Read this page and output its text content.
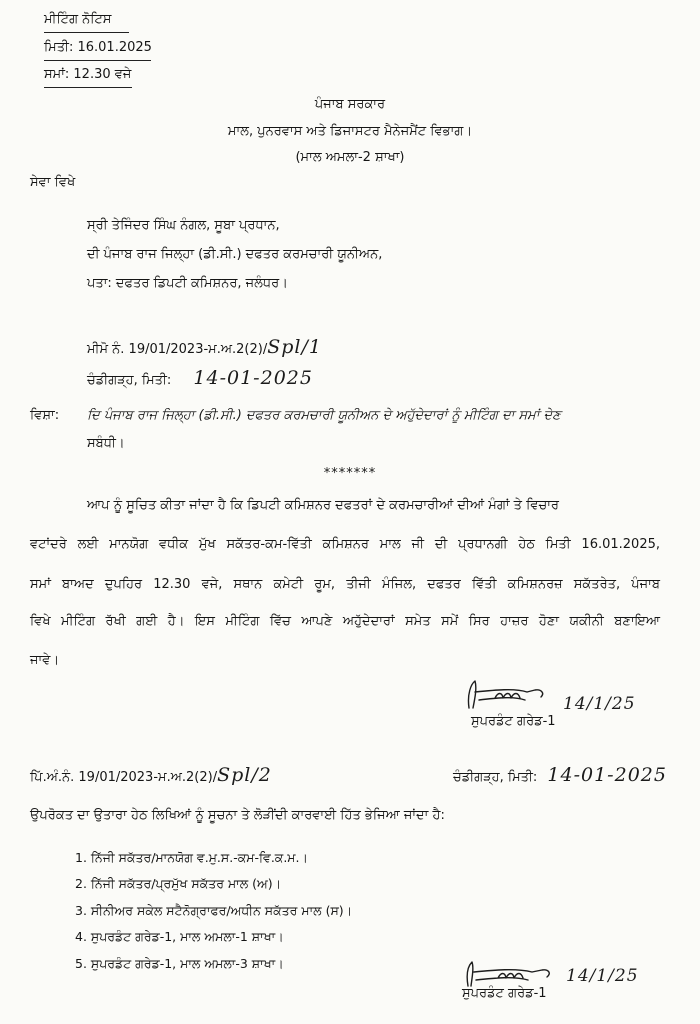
ਮੀਟਿੰਗ ਨੋਟਿਸ
ਮਿਤੀ: 16.01.2025
ਸਮਾਂ: 12.30 ਵਜੇ
ਪੰਜਾਬ ਸਰਕਾਰ
ਮਾਲ, ਪੁਨਰਵਾਸ ਅਤੇ ਡਿਜਾਸਟਰ ਮੈਨੇਜਮੈਂਟ ਵਿਭਾਗ।
(ਮਾਲ ਅਮਲਾ-2 ਸ਼ਾਖਾ)
ਸੇਵਾ ਵਿਖੇ
ਸ੍ਰੀ ਤੇਜਿੰਦਰ ਸਿੰਘ ਨੰਗਲ, ਸੂਬਾ ਪ੍ਰਧਾਨ,
ਦੀ ਪੰਜਾਬ ਰਾਜ ਜਿਲ੍ਹਾ (ਡੀ.ਸੀ.) ਦਫਤਰ ਕਰਮਚਾਰੀ ਯੂਨੀਅਨ,
ਪਤਾ: ਦਫਤਰ ਡਿਪਟੀ ਕਮਿਸ਼ਨਰ, ਜਲੰਧਰ।
ਮੀਮੋ ਨੰ. 19/01/2023-ਮ.ਅ.2(2)/Spl/1
ਚੰਡੀਗੜ੍ਹ, ਮਿਤੀ: 14-01-2025
ਵਿਸ਼ਾ: ਦਿ ਪੰਜਾਬ ਰਾਜ ਜਿਲ੍ਹਾ (ਡੀ.ਸੀ.) ਦਫਤਰ ਕਰਮਚਾਰੀ ਯੂਨੀਅਨ ਦੇ ਅਹੁੱਦੇਦਾਰਾਂ ਨੂੰ ਮੀਟਿੰਗ ਦਾ ਸਮਾਂ ਦੇਣ
ਸਬੰਧੀ।
*******
ਆਪ ਨੂੰ ਸੂਚਿਤ ਕੀਤਾ ਜਾਂਦਾ ਹੈ ਕਿ ਡਿਪਟੀ ਕਮਿਸ਼ਨਰ ਦਫਤਰਾਂ ਦੇ ਕਰਮਚਾਰੀਆਂ ਦੀਆਂ ਮੰਗਾਂ ਤੇ ਵਿਚਾਰ
ਵਟਾਂਦਰੇ ਲਈ ਮਾਨਯੋਗ ਵਧੀਕ ਮੁੱਖ ਸਕੱਤਰ-ਕਮ-ਵਿੱਤੀ ਕਮਿਸ਼ਨਰ ਮਾਲ ਜੀ ਦੀ ਪ੍ਰਧਾਨਗੀ ਹੇਠ ਮਿਤੀ 16.01.2025,
ਸਮਾਂ ਬਾਅਦ ਦੁਪਹਿਰ 12.30 ਵਜੇ, ਸਥਾਨ ਕਮੇਟੀ ਰੂਮ, ਤੀਜੀ ਮੰਜਿਲ, ਦਫਤਰ ਵਿੱਤੀ ਕਮਿਸ਼ਨਰਜ਼ ਸਕੱਤਰੇਤ, ਪੰਜਾਬ
ਵਿਖੇ ਮੀਟਿੰਗ ਰੱਖੀ ਗਈ ਹੈ। ਇਸ ਮੀਟਿੰਗ ਵਿੱਚ ਆਪਣੇ ਅਹੁੱਦੇਦਾਰਾਂ ਸਮੇਤ ਸਮੇਂ ਸਿਰ ਹਾਜ਼ਰ ਹੋਣਾ ਯਕੀਨੀ ਬਣਾਇਆ
ਜਾਵੇ।
14/1/25
ਸੁਪਰਡੰਟ ਗਰੇਡ-1
ਪਿੱ.ਅੰ.ਨੰ. 19/01/2023-ਮ.ਅ.2(2)/Spl/2	ਚੰਡੀਗੜ੍ਹ, ਮਿਤੀ: 14-01-2025
ਉਪਰੋਕਤ ਦਾ ਉਤਾਰਾ ਹੇਠ ਲਿਖਿਆਂ ਨੂੰ ਸੂਚਨਾ ਤੇ ਲੋੜੀਂਦੀ ਕਾਰਵਾਈ ਹਿੱਤ ਭੇਜਿਆ ਜਾਂਦਾ ਹੈ:
1. ਨਿੱਜੀ ਸਕੱਤਰ/ਮਾਨਯੋਗ ਵ.ਮੁ.ਸ.-ਕਮ-ਵਿ.ਕ.ਮ.।
2. ਨਿੱਜੀ ਸਕੱਤਰ/ਪ੍ਰਮੁੱਖ ਸਕੱਤਰ ਮਾਲ (ਅ)।
3. ਸੀਨੀਅਰ ਸਕੇਲ ਸਟੈਨੋਗ੍ਰਾਫਰ/ਅਧੀਨ ਸਕੱਤਰ ਮਾਲ (ਸ)।
4. ਸੁਪਰਡੰਟ ਗਰੇਡ-1, ਮਾਲ ਅਮਲਾ-1 ਸ਼ਾਖਾ।
5. ਸੁਪਰਡੰਟ ਗਰੇਡ-1, ਮਾਲ ਅਮਲਾ-3 ਸ਼ਾਖਾ।
14/1/25
ਸੁਪਰਡੰਟ ਗਰੇਡ-1
